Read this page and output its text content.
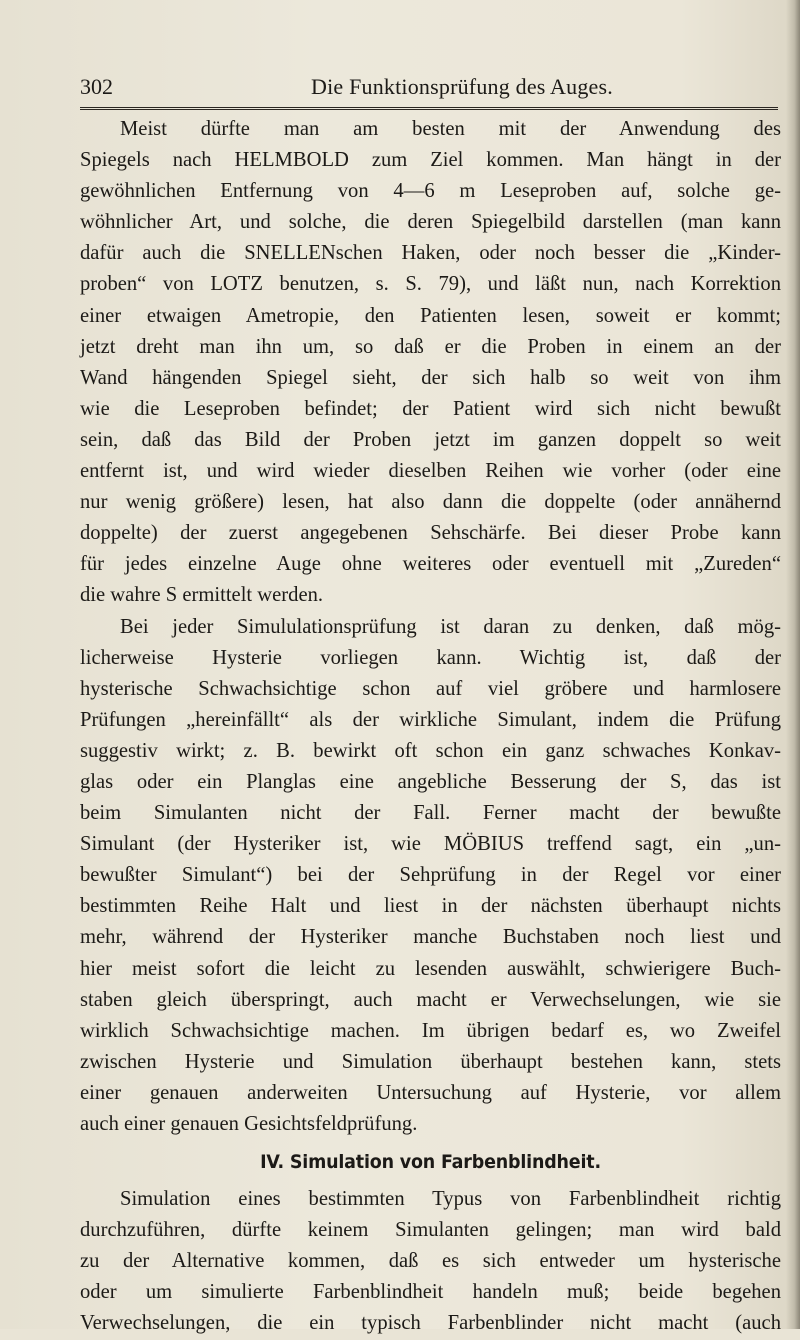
302	Die Funktionsprüfung des Auges.
Meist dürfte man am besten mit der Anwendung des
Spiegels nach HELMBOLD zum Ziel kommen. Man hängt in der
gewöhnlichen Entfernung von 4—6 m Leseproben auf, solche ge-
wöhnlicher Art, und solche, die deren Spiegelbild darstellen (man kann
dafür auch die SNELLENschen Haken, oder noch besser die „Kinder-
proben“ von LOTZ benutzen, s. S. 79), und läßt nun, nach Korrektion
einer etwaigen Ametropie, den Patienten lesen, soweit er kommt;
jetzt dreht man ihn um, so daß er die Proben in einem an der
Wand hängenden Spiegel sieht, der sich halb so weit von ihm
wie die Leseproben befindet; der Patient wird sich nicht bewußt
sein, daß das Bild der Proben jetzt im ganzen doppelt so weit
entfernt ist, und wird wieder dieselben Reihen wie vorher (oder eine
nur wenig größere) lesen, hat also dann die doppelte (oder annähernd
doppelte) der zuerst angegebenen Sehschärfe. Bei dieser Probe kann
für jedes einzelne Auge ohne weiteres oder eventuell mit „Zureden“
die wahre S ermittelt werden.
Bei jeder Simululationsprüfung ist daran zu denken, daß mög-
licherweise Hysterie vorliegen kann. Wichtig ist, daß der
hysterische Schwachsichtige schon auf viel gröbere und harmlosere
Prüfungen „hereinfällt“ als der wirkliche Simulant, indem die Prüfung
suggestiv wirkt; z. B. bewirkt oft schon ein ganz schwaches Konkav-
glas oder ein Planglas eine angebliche Besserung der S, das ist
beim Simulanten nicht der Fall. Ferner macht der bewußte
Simulant (der Hysteriker ist, wie MÖBIUS treffend sagt, ein „un-
bewußter Simulant“) bei der Sehprüfung in der Regel vor einer
bestimmten Reihe Halt und liest in der nächsten überhaupt nichts
mehr, während der Hysteriker manche Buchstaben noch liest und
hier meist sofort die leicht zu lesenden auswählt, schwierigere Buch-
staben gleich überspringt, auch macht er Verwechselungen, wie sie
wirklich Schwachsichtige machen. Im übrigen bedarf es, wo Zweifel
zwischen Hysterie und Simulation überhaupt bestehen kann, stets
einer genauen anderweiten Untersuchung auf Hysterie, vor allem
auch einer genauen Gesichtsfeldprüfung.
IV. Simulation von Farbenblindheit.
Simulation eines bestimmten Typus von Farbenblindheit richtig
durchzuführen, dürfte keinem Simulanten gelingen; man wird bald
zu der Alternative kommen, daß es sich entweder um hysterische
oder um simulierte Farbenblindheit handeln muß; beide begehen
Verwechselungen, die ein typisch Farbenblinder nicht macht (auch
